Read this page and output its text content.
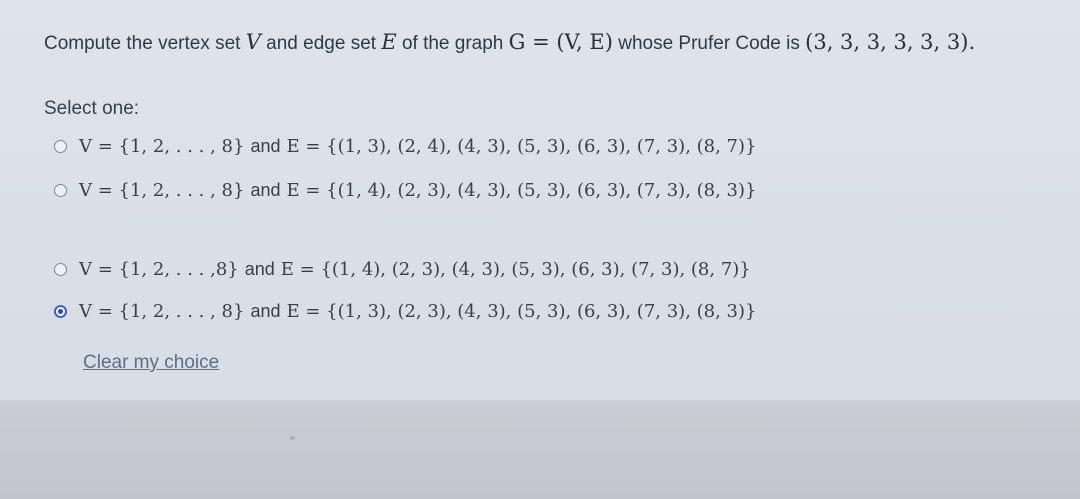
Compute the vertex set V and edge set E of the graph G = (V, E) whose Prufer Code is (3, 3, 3, 3, 3, 3).
Select one:
V = {1, 2, . . . , 8} and E = {(1, 3), (2, 4), (4, 3), (5, 3), (6, 3), (7, 3), (8, 7)}
V = {1, 2, . . . , 8} and E = {(1, 4), (2, 3), (4, 3), (5, 3), (6, 3), (7, 3), (8, 3)}
V = {1, 2, . . . ,8} and E = {(1, 4), (2, 3), (4, 3), (5, 3), (6, 3), (7, 3), (8, 7)}
V = {1, 2, . . . , 8} and E = {(1, 3), (2, 3), (4, 3), (5, 3), (6, 3), (7, 3), (8, 3)}
Clear my choice
